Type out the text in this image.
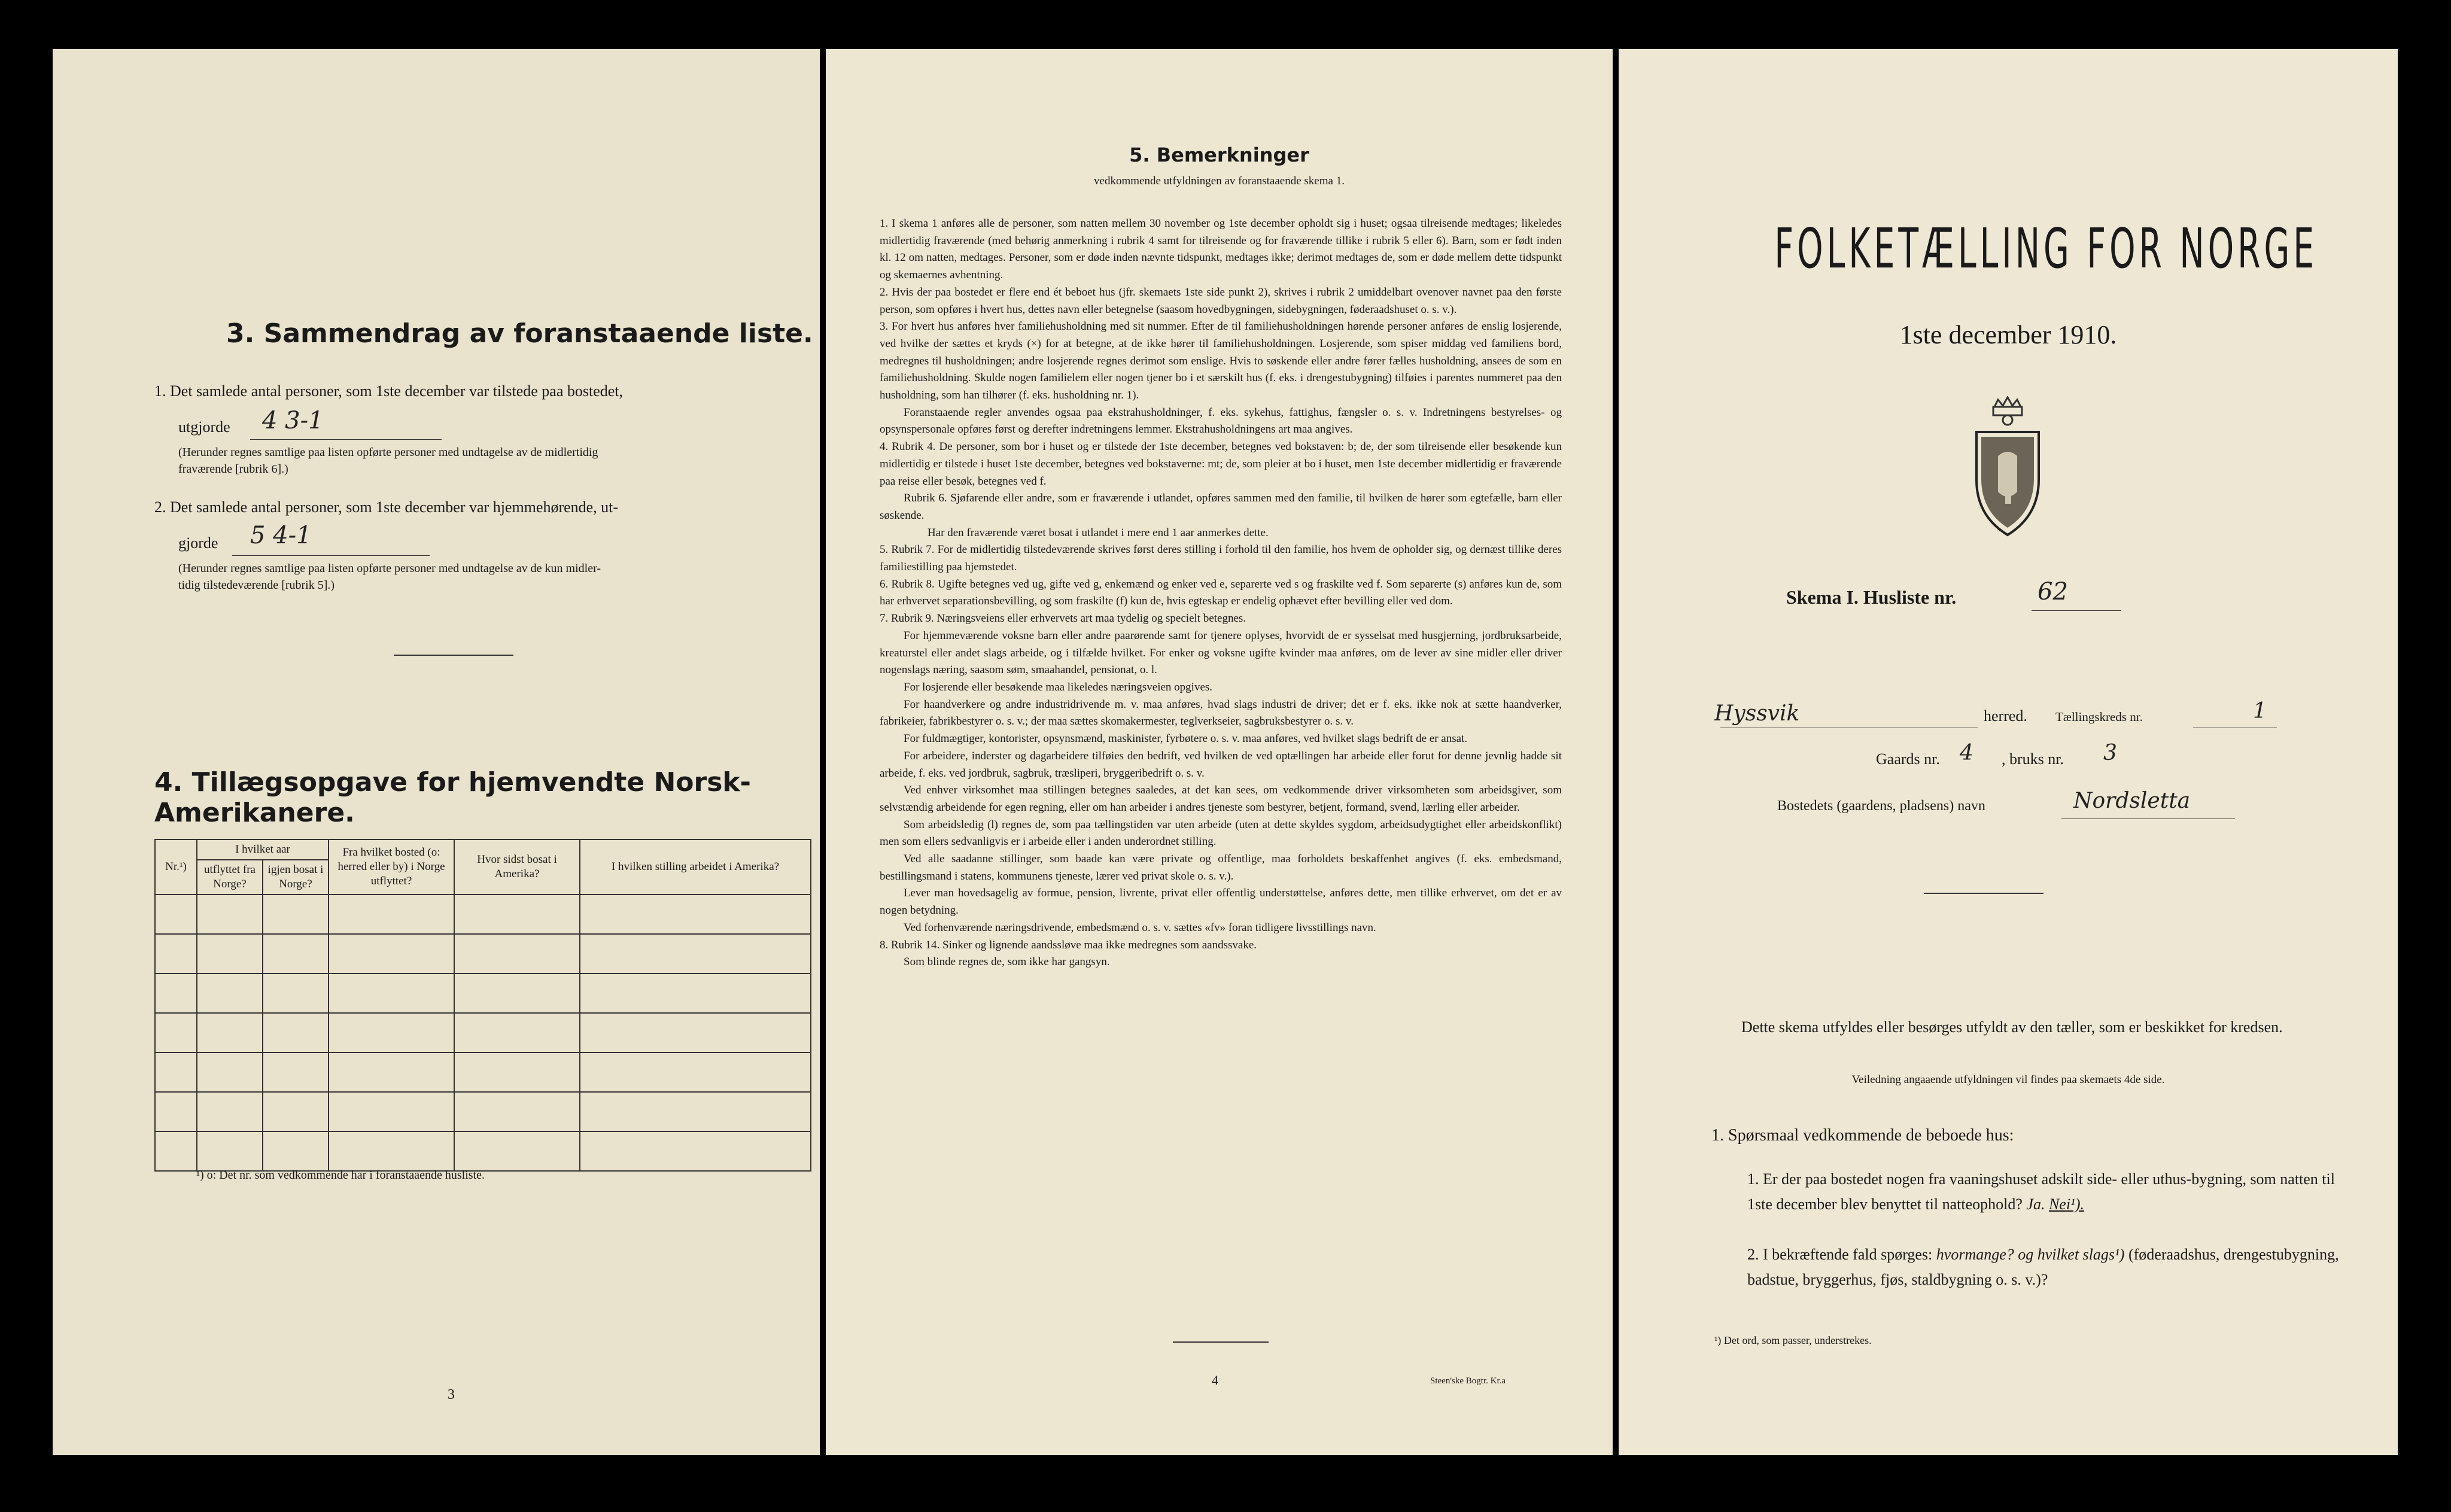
3. Sammendrag av foranstaaende liste.
1. Det samlede antal personer, som 1ste december var tilstede paa bostedet,
utgjorde 4 3-1
(Herunder regnes samtlige paa listen opførte personer med undtagelse av de midlertidig
fraværende [rubrik 6].)
2. Det samlede antal personer, som 1ste december var hjemmehørende, ut-
gjorde 5 4-1
(Herunder regnes samtlige paa listen opførte personer med undtagelse av de kun midler-
tidig tilstedeværende [rubrik 5].)
4. Tillægsopgave for hjemvendte Norsk-Amerikanere.
Nr.¹)	I hvilket aar		Fra hvilket bosted (o: herred eller by) i Norge utflyttet?	Hvor sidst bosat i Amerika?	I hvilken stilling arbeidet i Amerika?
	utflyttet fra Norge?	igjen bosat i Norge?			

¹) o: Det nr. som vedkommende har i foranstaaende husliste.
3
5. Bemerkninger
vedkommende utfyldningen av foranstaaende skema 1.

1. I skema 1 anføres alle de personer, som natten mellem 30 november og 1ste december opholdt sig i huset; ogsaa tilreisende medtages; likeledes midlertidig fraværende (med behørig anmerkning i rubrik 4 samt for tilreisende og for fraværende tillike i rubrik 5 eller 6). Barn, som er født inden kl. 12 om natten, medtages. Personer, som er døde inden nævnte tidspunkt, medtages ikke; derimot medtages de, som er døde mellem dette tidspunkt og skemaernes avhentning.

2. Hvis der paa bostedet er flere end ét beboet hus (jfr. skemaets 1ste side punkt 2), skrives i rubrik 2 umiddelbart ovenover navnet paa den første person, som opføres i hvert hus, dettes navn eller betegnelse (saasom hovedbygningen, sidebygningen, føderaadshuset o. s. v.).

3. For hvert hus anføres hver familiehusholdning med sit nummer. Efter de til familiehusholdningen hørende personer anføres de enslig losjerende, ved hvilke der sættes et kryds (×) for at betegne, at de ikke hører til familiehusholdningen. Losjerende, som spiser middag ved familiens bord, medregnes til husholdningen; andre losjerende regnes derimot som enslige. Hvis to søskende eller andre fører fælles husholdning, ansees de som en familiehusholdning. Skulde nogen familielem eller nogen tjener bo i et særskilt hus (f. eks. i drengestubygning) tilføies i parentes nummeret paa den husholdning, som han tilhører (f. eks. husholdning nr. 1).

Foranstaaende regler anvendes ogsaa paa ekstrahusholdninger, f. eks. sykehus, fattighus, fængsler o. s. v. Indretningens bestyrelses- og opsynspersonale opføres først og derefter indretningens lemmer. Ekstrahusholdningens art maa angives.

4. Rubrik 4. De personer, som bor i huset og er tilstede der 1ste december, betegnes ved bokstaven: b; de, der som tilreisende eller besøkende kun midlertidig er tilstede i huset 1ste december, betegnes ved bokstaverne: mt; de, som pleier at bo i huset, men 1ste december midlertidig er fraværende paa reise eller besøk, betegnes ved f.

Rubrik 6. Sjøfarende eller andre, som er fraværende i utlandet, opføres sammen med den familie, til hvilken de hører som egtefælle, barn eller søskende.

Har den fraværende været bosat i utlandet i mere end 1 aar anmerkes dette.

5. Rubrik 7. For de midlertidig tilstedeværende skrives først deres stilling i forhold til den familie, hos hvem de opholder sig, og dernæst tillike deres familiestilling paa hjemstedet.

6. Rubrik 8. Ugifte betegnes ved ug, gifte ved g, enkemænd og enker ved e, separerte ved s og fraskilte ved f. Som separerte (s) anføres kun de, som har erhvervet separationsbevilling, og som fraskilte (f) kun de, hvis egteskap er endelig ophævet efter bevilling eller ved dom.

7. Rubrik 9. Næringsveiens eller erhvervets art maa tydelig og specielt betegnes.

For hjemmeværende voksne barn eller andre paarørende samt for tjenere oplyses, hvorvidt de er sysselsat med husgjerning, jordbruksarbeide, kreaturstel eller andet slags arbeide, og i tilfælde hvilket. For enker og voksne ugifte kvinder maa anføres, om de lever av sine midler eller driver nogenslags næring, saasom søm, smaahandel, pensionat, o. l.

For losjerende eller besøkende maa likeledes næringsveien opgives.

For haandverkere og andre industridrivende m. v. maa anføres, hvad slags industri de driver; det er f. eks. ikke nok at sætte haandverker, fabrikeier, fabrikbestyrer o. s. v.; der maa sættes skomakermester, teglverkseier, sagbruksbestyrer o. s. v.

For fuldmægtiger, kontorister, opsynsmænd, maskinister, fyrbøtere o. s. v. maa anføres, ved hvilket slags bedrift de er ansat.

For arbeidere, inderster og dagarbeidere tilføies den bedrift, ved hvilken de ved optællingen har arbeide eller forut for denne jevnlig hadde sit arbeide, f. eks. ved jordbruk, sagbruk, træsliperi, bryggeribedrift o. s. v.

Ved enhver virksomhet maa stillingen betegnes saaledes, at det kan sees, om vedkommende driver virksomheten som arbeidsgiver, som selvstændig arbeidende for egen regning, eller om han arbeider i andres tjeneste som bestyrer, betjent, formand, svend, lærling eller arbeider.

Som arbeidsledig (l) regnes de, som paa tællingstiden var uten arbeide (uten at dette skyldes sygdom, arbeidsudygtighet eller arbeidskonflikt) men som ellers sedvanligvis er i arbeide eller i anden underordnet stilling.

Ved alle saadanne stillinger, som baade kan være private og offentlige, maa forholdets beskaffenhet angives (f. eks. embedsmand, bestillingsmand i statens, kommunens tjeneste, lærer ved privat skole o. s. v.).

Lever man hovedsagelig av formue, pension, livrente, privat eller offentlig understøttelse, anføres dette, men tillike erhvervet, om det er av nogen betydning.

Ved forhenværende næringsdrivende, embedsmænd o. s. v. sættes «fv» foran tidligere livsstillings navn.

8. Rubrik 14. Sinker og lignende aandssløve maa ikke medregnes som aandssvake.

Som blinde regnes de, som ikke har gangsyn.

4	Steen'ske Bogtr. Kr.a
FOLKETÆLLING FOR NORGE
1ste december 1910.
Skema I. Husliste nr.	62
Hyssvik	herred. Tællingskreds nr.	1
Gaards nr. 4 , bruks nr. 3
Bostedets (gaardens, pladsens) navn	Nordsletta
Dette skema utfyldes eller besørges utfyldt av den tæller, som er beskikket for kredsen.
Veiledning angaaende utfyldningen vil findes paa skemaets 4de side.
1. Spørsmaal vedkommende de beboede hus:
1. Er der paa bostedet nogen fra vaaningshuset adskilt side- eller uthus-bygning, som natten til 1ste december blev benyttet til natteophold? Ja. Nei¹).
2. I bekræftende fald spørges: hvormange? og hvilket slags¹) (føderaadshus, drengestubygning, badstue, bryggerhus, fjøs, staldbygning o. s. v.)?
¹) Det ord, som passer, understrekes.
